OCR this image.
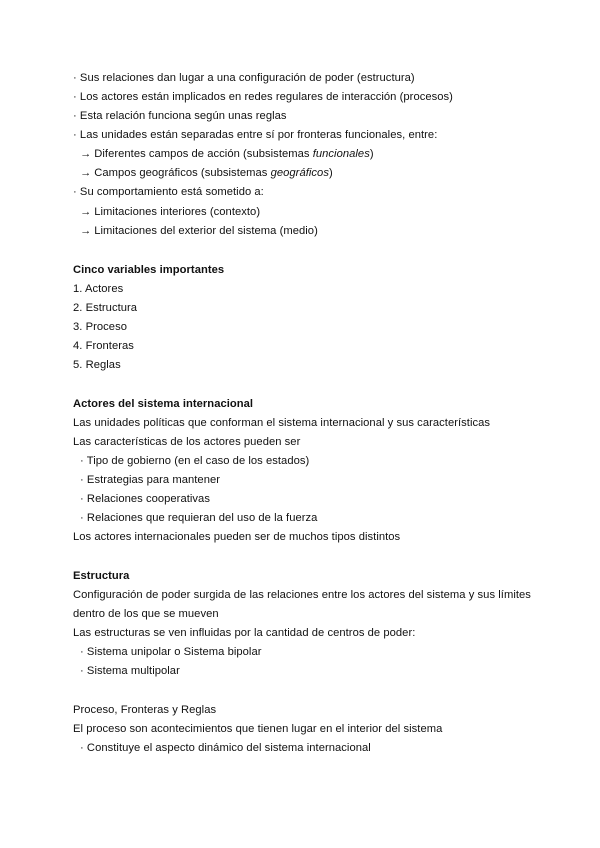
· Sus relaciones dan lugar a una configuración de poder (estructura)
· Los actores están implicados en redes regulares de interacción (procesos)
· Esta relación funciona según unas reglas
· Las unidades están separadas entre sí por fronteras funcionales, entre:
→ Diferentes campos de acción (subsistemas funcionales)
→ Campos geográficos (subsistemas geográficos)
· Su comportamiento está sometido a:
→ Limitaciones interiores (contexto)
→ Limitaciones del exterior del sistema (medio)
Cinco variables importantes
1. Actores
2. Estructura
3. Proceso
4. Fronteras
5. Reglas
Actores del sistema internacional
Las unidades políticas que conforman el sistema internacional y sus características
Las características de los actores pueden ser
· Tipo de gobierno (en el caso de los estados)
· Estrategias para mantener
· Relaciones cooperativas
· Relaciones que requieran del uso de la fuerza
Los actores internacionales pueden ser de muchos tipos distintos
Estructura
Configuración de poder surgida de las relaciones entre los actores del sistema y sus límites
dentro de los que se mueven
Las estructuras se ven influidas por la cantidad de centros de poder:
· Sistema unipolar o Sistema bipolar
· Sistema multipolar
Proceso, Fronteras y Reglas
El proceso son acontecimientos que tienen lugar en el interior del sistema
· Constituye el aspecto dinámico del sistema internacional
